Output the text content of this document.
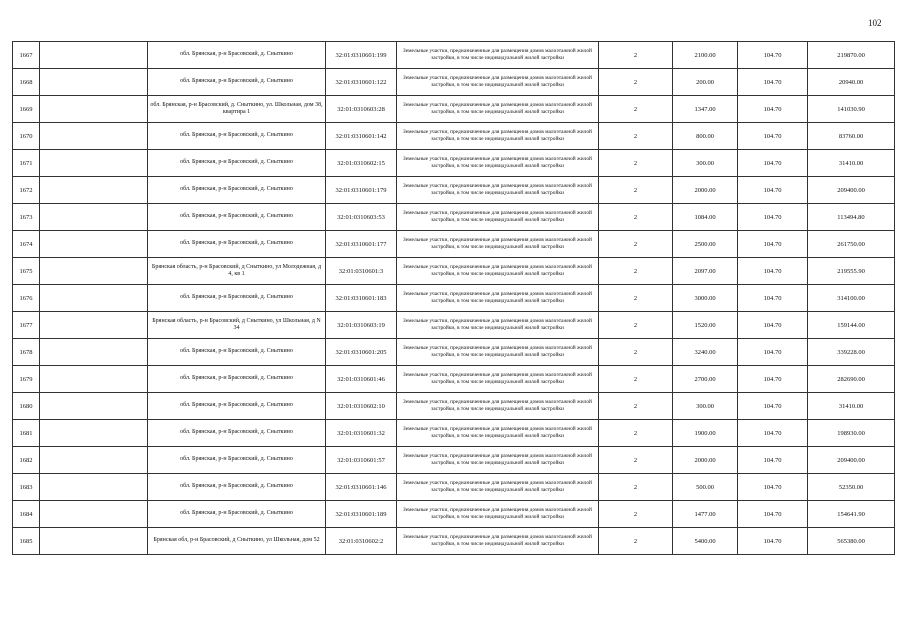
102
1667		обл. Брянская, р-н Брасовский, д. Сныткино	32:01:0310601:199	Земельные участки, предназначенные для размещения домов малоэтажной жилой застройки, в том числе индивидуальной жилой застройки	2	2100.00	104.70	219870.00
1668		обл. Брянская, р-н Брасовский, д. Сныткино	32:01:0310601:122	Земельные участки, предназначенные для размещения домов малоэтажной жилой застройки, в том числе индивидуальной жилой застройки	2	200.00	104.70	20940.00
1669		обл. Брянская, р-н Брасовский, д. Сныткино, ул. Школьная, дом 38, квартира 1	32:01:0310603:28	Земельные участки, предназначенные для размещения домов малоэтажной жилой застройки, в том числе индивидуальной жилой застройки	2	1347.00	104.70	141030.90
1670		обл. Брянская, р-н Брасовский, д. Сныткино	32:01:0310601:142	Земельные участки, предназначенные для размещения домов малоэтажной жилой застройки, в том числе индивидуальной жилой застройки	2	800.00	104.70	83760.00
1671		обл. Брянская, р-н Брасовский, д. Сныткино	32:01:0310602:15	Земельные участки, предназначенные для размещения домов малоэтажной жилой застройки, в том числе индивидуальной жилой застройки	2	300.00	104.70	31410.00
1672		обл. Брянская, р-н Брасовский, д. Сныткино	32:01:0310601:179	Земельные участки, предназначенные для размещения домов малоэтажной жилой застройки, в том числе индивидуальной жилой застройки	2	2000.00	104.70	209400.00
1673		обл. Брянская, р-н Брасовский, д. Сныткино	32:01:0310603:53	Земельные участки, предназначенные для размещения домов малоэтажной жилой застройки, в том числе индивидуальной жилой застройки	2	1084.00	104.70	113494.80
1674		обл. Брянская, р-н Брасовский, д. Сныткино	32:01:0310601:177	Земельные участки, предназначенные для размещения домов малоэтажной жилой застройки, в том числе индивидуальной жилой застройки	2	2500.00	104.70	261750.00
1675		Брянская область, р-н Брасовский, д Сныткино, ул Молодежная, д 4, кв 1	32:01:0310601:3	Земельные участки, предназначенные для размещения домов малоэтажной жилой застройки, в том числе индивидуальной жилой застройки	2	2097.00	104.70	219555.90
1676		обл. Брянская, р-н Брасовский, д. Сныткино	32:01:0310601:183	Земельные участки, предназначенные для размещения домов малоэтажной жилой застройки, в том числе индивидуальной жилой застройки	2	3000.00	104.70	314100.00
1677		Брянская область, р-н Брасовский, д Сныткино, ул Школьная, д N 34	32:01:0310603:19	Земельные участки, предназначенные для размещения домов малоэтажной жилой застройки, в том числе индивидуальной жилой застройки	2	1520.00	104.70	159144.00
1678		обл. Брянская, р-н Брасовский, д. Сныткино	32:01:0310601:205	Земельные участки, предназначенные для размещения домов малоэтажной жилой застройки, в том числе индивидуальной жилой застройки	2	3240.00	104.70	339228.00
1679		обл. Брянская, р-н Брасовский, д. Сныткино	32:01:0310601:46	Земельные участки, предназначенные для размещения домов малоэтажной жилой застройки, в том числе индивидуальной жилой застройки	2	2700.00	104.70	282690.00
1680		обл. Брянская, р-н Брасовский, д. Сныткино	32:01:0310602:10	Земельные участки, предназначенные для размещения домов малоэтажной жилой застройки, в том числе индивидуальной жилой застройки	2	300.00	104.70	31410.00
1681		обл. Брянская, р-н Брасовский, д. Сныткино	32:01:0310601:32	Земельные участки, предназначенные для размещения домов малоэтажной жилой застройки, в том числе индивидуальной жилой застройки	2	1900.00	104.70	198930.00
1682		обл. Брянская, р-н Брасовский, д. Сныткино	32:01:0310601:57	Земельные участки, предназначенные для размещения домов малоэтажной жилой застройки, в том числе индивидуальной жилой застройки	2	2000.00	104.70	209400.00
1683		обл. Брянская, р-н Брасовский, д. Сныткино	32:01:0310601:146	Земельные участки, предназначенные для размещения домов малоэтажной жилой застройки, в том числе индивидуальной жилой застройки	2	500.00	104.70	52350.00
1684		обл. Брянская, р-н Брасовский, д. Сныткино	32:01:0310601:189	Земельные участки, предназначенные для размещения домов малоэтажной жилой застройки, в том числе индивидуальной жилой застройки	2	1477.00	104.70	154641.90
1685		Брянская обл, р-н Брасовский, д Сныткино, ул Школьная, дом 52	32:01:0310602:2	Земельные участки, предназначенные для размещения домов малоэтажной жилой застройки, в том числе индивидуальной жилой застройки	2	5400.00	104.70	565380.00
